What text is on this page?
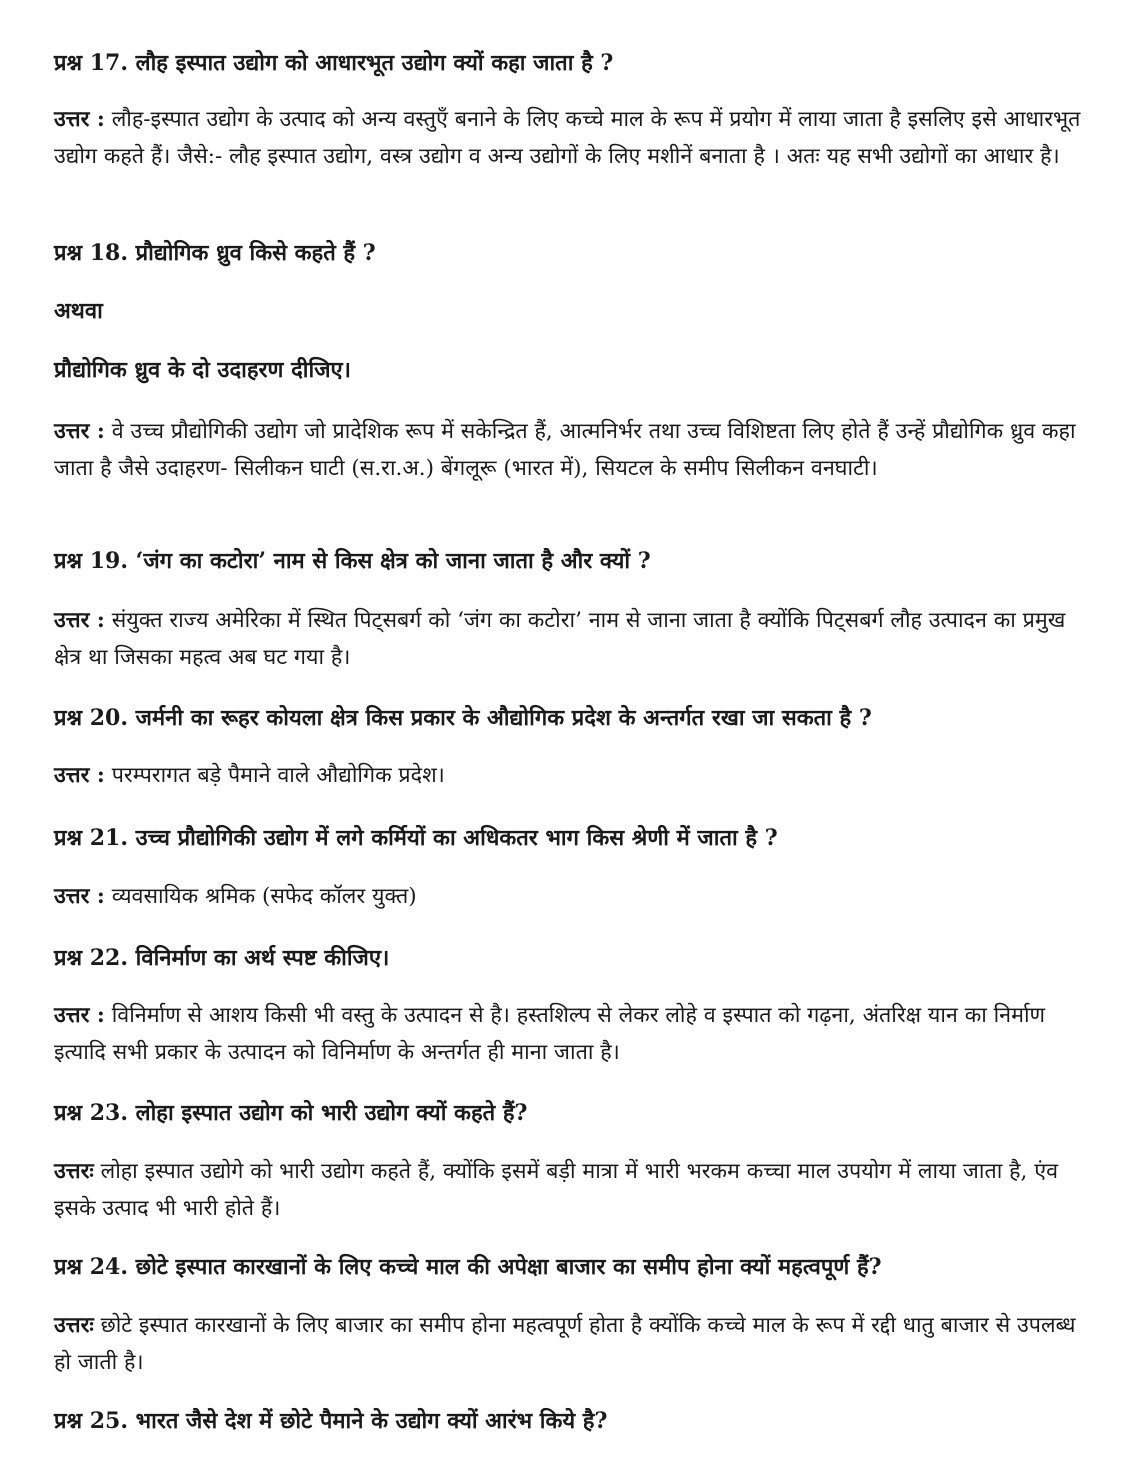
प्रश्न 17. लौह इस्पात उद्योग को आधारभूत उद्योग क्यों कहा जाता है ?

उत्तर : लौह-इस्पात उद्योग के उत्पाद को अन्य वस्तुएँ बनाने के लिए कच्चे माल के रूप में प्रयोग में लाया जाता है इसलिए इसे आधारभूत उद्योग कहते हैं। जैसे:- लौह इस्पात उद्योग, वस्त्र उद्योग व अन्य उद्योगों के लिए मशीनें बनाता है । अतः यह सभी उद्योगों का आधार है।

प्रश्न 18. प्रौद्योगिक ध्रुव किसे कहते हैं ?

अथवा

प्रौद्योगिक ध्रुव के दो उदाहरण दीजिए।

उत्तर : वे उच्च प्रौद्योगिकी उद्योग जो प्रादेशिक रूप में सकेन्द्रित हैं, आत्मनिर्भर तथा उच्च विशिष्टता लिए होते हैं उन्हें प्रौद्योगिक ध्रुव कहा जाता है जैसे उदाहरण- सिलीकन घाटी (स.रा.अ.) बेंगलूरू (भारत में), सियटल के समीप सिलीकन वनघाटी।

प्रश्न 19. ‘जंग का कटोरा’ नाम से किस क्षेत्र को जाना जाता है और क्यों ?

उत्तर : संयुक्त राज्य अमेरिका में स्थित पिट्सबर्ग को ‘जंग का कटोरा’ नाम से जाना जाता है क्योंकि पिट्सबर्ग लौह उत्पादन का प्रमुख क्षेत्र था जिसका महत्व अब घट गया है।

प्रश्न 20. जर्मनी का रूहर कोयला क्षेत्र किस प्रकार के औद्योगिक प्रदेश के अन्तर्गत रखा जा सकता है ?

उत्तर : परम्परागत बड़े पैमाने वाले औद्योगिक प्रदेश।

प्रश्न 21. उच्च प्रौद्योगिकी उद्योग में लगे कर्मियों का अधिकतर भाग किस श्रेणी में जाता है ?

उत्तर : व्यवसायिक श्रमिक (सफेद कॉलर युक्त)

प्रश्न 22. विनिर्माण का अर्थ स्पष्ट कीजिए।

उत्तर : विनिर्माण से आशय किसी भी वस्तु के उत्पादन से है। हस्तशिल्प से लेकर लोहे व इस्पात को गढ़ना, अंतरिक्ष यान का निर्माण इत्यादि सभी प्रकार के उत्पादन को विनिर्माण के अन्तर्गत ही माना जाता है।

प्रश्न 23. लोहा इस्पात उद्योग को भारी उद्योग क्यों कहते हैं?

उत्तरः लोहा इस्पात उद्योगे को भारी उद्योग कहते हैं, क्योंकि इसमें बड़ी मात्रा में भारी भरकम कच्चा माल उपयोग में लाया जाता है, एंव इसके उत्पाद भी भारी होते हैं।

प्रश्न 24. छोटे इस्पात कारखानों के लिए कच्चे माल की अपेक्षा बाजार का समीप होना क्यों महत्वपूर्ण हैं?

उत्तरः छोटे इस्पात कारखानों के लिए बाजार का समीप होना महत्वपूर्ण होता है क्योंकि कच्चे माल के रूप में रद्दी धातु बाजार से उपलब्ध हो जाती है।

प्रश्न 25. भारत जैसे देश में छोटे पैमाने के उद्योग क्यों आरंभ किये है?
